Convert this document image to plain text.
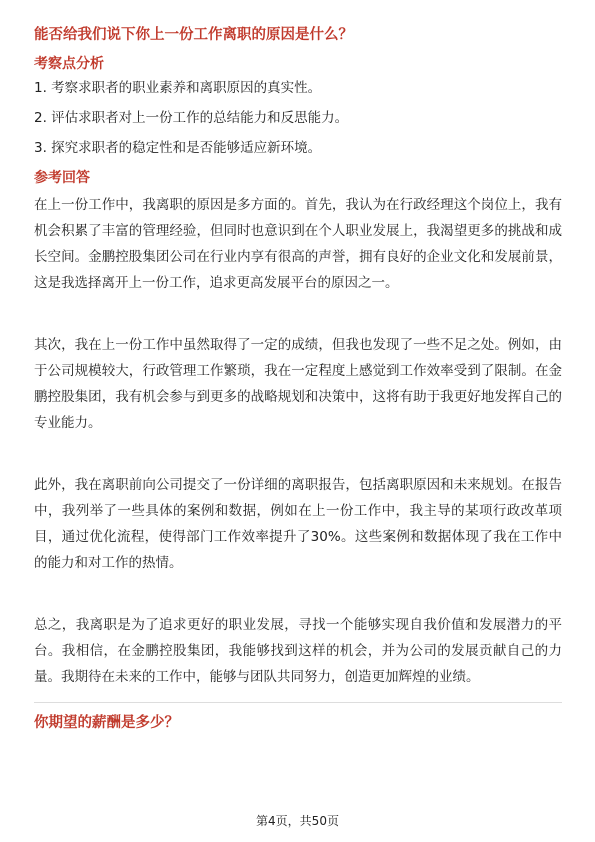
能否给我们说下你上一份工作离职的原因是什么？
考察点分析
1. 考察求职者的职业素养和离职原因的真实性。
2. 评估求职者对上一份工作的总结能力和反思能力。
3. 探究求职者的稳定性和是否能够适应新环境。
参考回答

在上一份工作中，我离职的原因是多方面的。首先，我认为在行政经理这个岗位上，我有机会积累了丰富的管理经验，但同时也意识到在个人职业发展上，我渴望更多的挑战和成长空间。金鹏控股集团公司在行业内享有很高的声誉，拥有良好的企业文化和发展前景，这是我选择离开上一份工作，追求更高发展平台的原因之一。

其次，我在上一份工作中虽然取得了一定的成绩，但我也发现了一些不足之处。例如，由于公司规模较大，行政管理工作繁琐，我在一定程度上感觉到工作效率受到了限制。在金鹏控股集团，我有机会参与到更多的战略规划和决策中，这将有助于我更好地发挥自己的专业能力。

此外，我在离职前向公司提交了一份详细的离职报告，包括离职原因和未来规划。在报告中，我列举了一些具体的案例和数据，例如在上一份工作中，我主导的某项行政改革项目，通过优化流程，使得部门工作效率提升了30%。这些案例和数据体现了我在工作中的能力和对工作的热情。

总之，我离职是为了追求更好的职业发展，寻找一个能够实现自我价值和发展潜力的平台。我相信，在金鹏控股集团，我能够找到这样的机会，并为公司的发展贡献自己的力量。我期待在未来的工作中，能够与团队共同努力，创造更加辉煌的业绩。

你期望的薪酬是多少？
第4页，共50页
